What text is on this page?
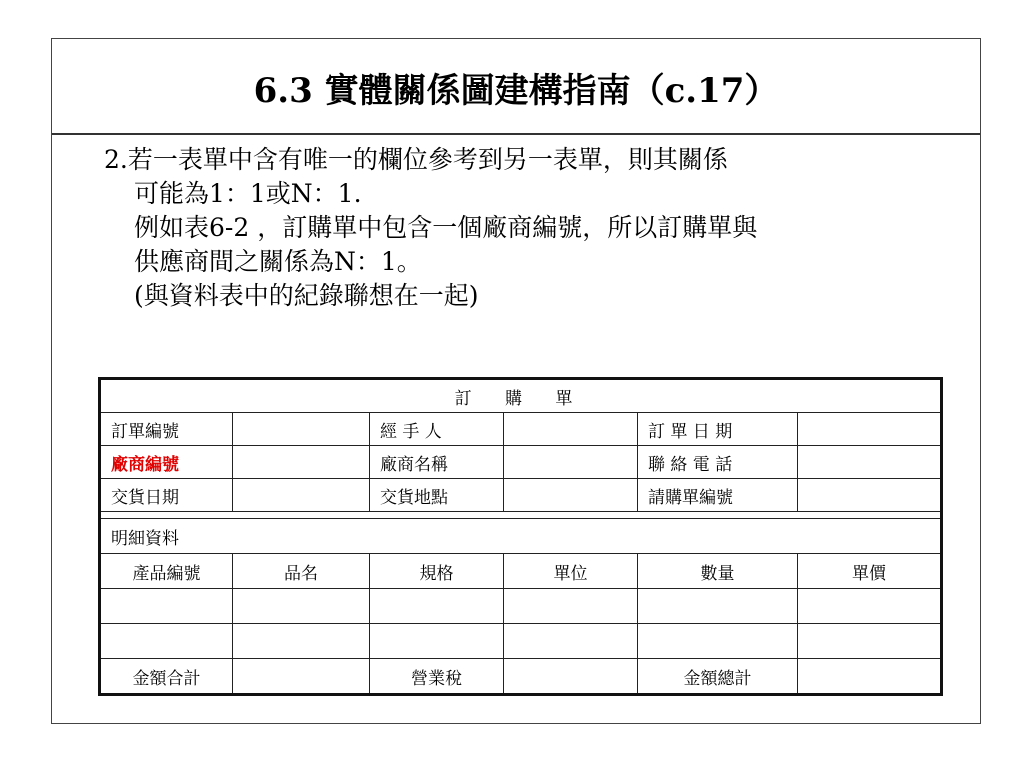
6.3 實體關係圖建構指南（c.17）
2.若一表單中含有唯一的欄位參考到另一表單，則其關係
可能為1：1或N：1.
例如表6-2 ，訂購單中包含一個廠商編號，所以訂購單與
供應商間之關係為N：1。
(與資料表中的紀錄聯想在一起)
訂 購 單					
訂單編號		經 手 人		訂 單 日 期	
廠商編號		廠商名稱		聯 絡 電 話	
交貨日期		交貨地點		請購單編號	

明細資料					
產品編號	品名	規格	單位	數量	單價

金額合計		營業稅		金額總計	
